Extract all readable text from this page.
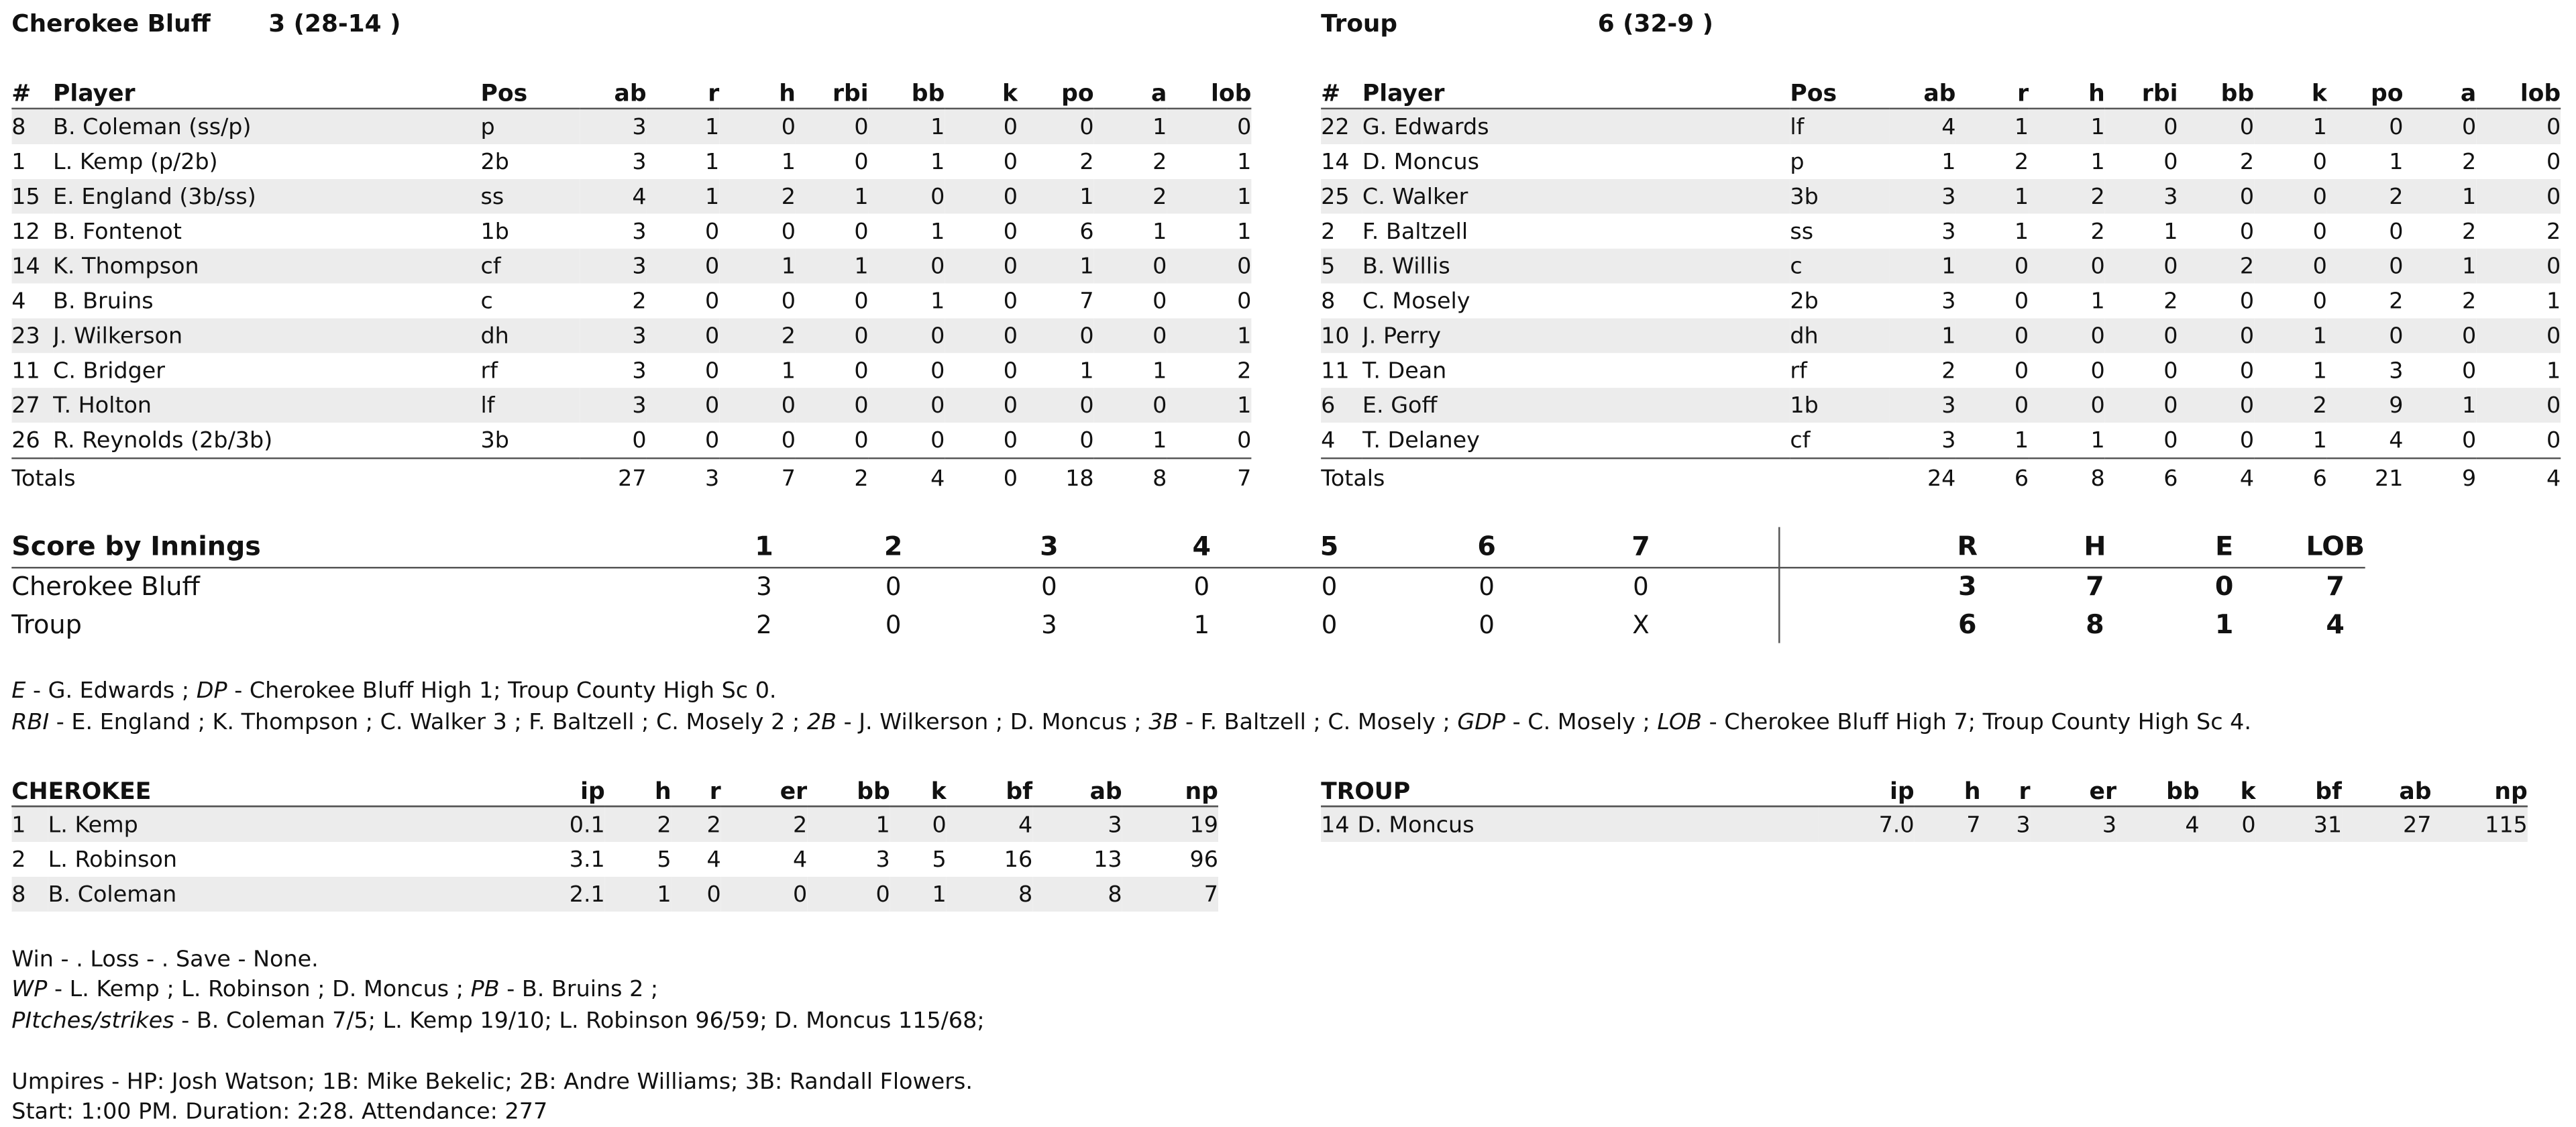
Cherokee Bluff	3 (28-14 )	Troup	6 (32-9 )
#	Player	Pos	ab	r	h	rbi	bb	k	po	a	lob
8	B. Coleman (ss/p)	p	3	1	0	0	1	0	0	1	0
1	L. Kemp (p/2b)	2b	3	1	1	0	1	0	2	2	1
15	E. England (3b/ss)	ss	4	1	2	1	0	0	1	2	1
12	B. Fontenot	1b	3	0	0	0	1	0	6	1	1
14	K. Thompson	cf	3	0	1	1	0	0	1	0	0
4	B. Bruins	c	2	0	0	0	1	0	7	0	0
23	J. Wilkerson	dh	3	0	2	0	0	0	0	0	1
11	C. Bridger	rf	3	0	1	0	0	0	1	1	2
27	T. Holton	lf	3	0	0	0	0	0	0	0	1
26	R. Reynolds (2b/3b)	3b	0	0	0	0	0	0	0	1	0
Totals			27	3	7	2	4	0	18	8	7
#	Player	Pos	ab	r	h	rbi	bb	k	po	a	lob
22	G. Edwards	lf	4	1	1	0	0	1	0	0	0
14	D. Moncus	p	1	2	1	0	2	0	1	2	0
25	C. Walker	3b	3	1	2	3	0	0	2	1	0
2	F. Baltzell	ss	3	1	2	1	0	0	0	2	2
5	B. Willis	c	1	0	0	0	2	0	0	1	0
8	C. Mosely	2b	3	0	1	2	0	0	2	2	1
10	J. Perry	dh	1	0	0	0	0	1	0	0	0
11	T. Dean	rf	2	0	0	0	0	1	3	0	1
6	E. Goff	1b	3	0	0	0	0	2	9	1	0
4	T. Delaney	cf	3	1	1	0	0	1	4	0	0
Totals			24	6	8	6	4	6	21	9	4
Score by Innings	1	2	3	4	5	6	7	R	H	E	LOB
Cherokee Bluff	3	0	0	0	0	0	0	3	7	0	7
Troup	2	0	3	1	0	0	X	6	8	1	4
E - G. Edwards ; DP - Cherokee Bluff High 1; Troup County High Sc 0.
RBI - E. England ; K. Thompson ; C. Walker 3 ; F. Baltzell ; C. Mosely 2 ; 2B - J. Wilkerson ; D. Moncus ; 3B - F. Baltzell ; C. Mosely ; GDP - C. Mosely ; LOB - Cherokee Bluff High 7; Troup County High Sc 4.
CHEROKEE		ip	h	r	er	bb	k	bf	ab	np
1	L. Kemp	0.1	2	2	2	1	0	4	3	19
2	L. Robinson	3.1	5	4	4	3	5	16	13	96
8	B. Coleman	2.1	1	0	0	0	1	8	8	7
TROUP		ip	h	r	er	bb	k	bf	ab	np
14	D. Moncus	7.0	7	3	3	4	0	31	27	115
Win - . Loss - . Save - None.
WP - L. Kemp ; L. Robinson ; D. Moncus ; PB - B. Bruins 2 ;
PItches/strikes - B. Coleman 7/5; L. Kemp 19/10; L. Robinson 96/59; D. Moncus 115/68;
Umpires - HP: Josh Watson; 1B: Mike Bekelic; 2B: Andre Williams; 3B: Randall Flowers.
Start: 1:00 PM. Duration: 2:28. Attendance: 277
